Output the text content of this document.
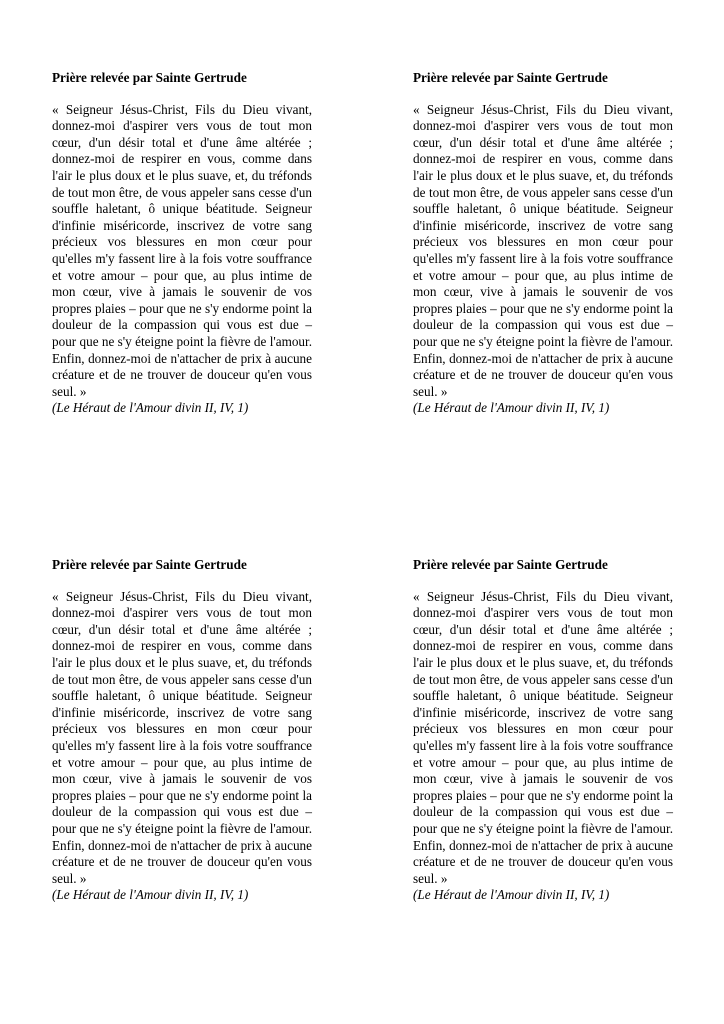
Prière relevée par Sainte Gertrude

« Seigneur Jésus-Christ, Fils du Dieu vivant, donnez-moi d'aspirer vers vous de tout mon cœur, d'un désir total et d'une âme altérée ; donnez-moi de respirer en vous, comme dans l'air le plus doux et le plus suave, et, du tréfonds de tout mon être, de vous appeler sans cesse d'un souffle haletant, ô unique béatitude. Seigneur d'infinie miséricorde, inscrivez de votre sang précieux vos blessures en mon cœur pour qu'elles m'y fassent lire à la fois votre souffrance et votre amour – pour que, au plus intime de mon cœur, vive à jamais le souvenir de vos propres plaies – pour que ne s'y endorme point la douleur de la compassion qui vous est due – pour que ne s'y éteigne point la fièvre de l'amour. Enfin, donnez-moi de n'attacher de prix à aucune créature et de ne trouver de douceur qu'en vous seul. »

(Le Héraut de l'Amour divin II, IV, 1)

Prière relevée par Sainte Gertrude

« Seigneur Jésus-Christ, Fils du Dieu vivant, donnez-moi d'aspirer vers vous de tout mon cœur, d'un désir total et d'une âme altérée ; donnez-moi de respirer en vous, comme dans l'air le plus doux et le plus suave, et, du tréfonds de tout mon être, de vous appeler sans cesse d'un souffle haletant, ô unique béatitude. Seigneur d'infinie miséricorde, inscrivez de votre sang précieux vos blessures en mon cœur pour qu'elles m'y fassent lire à la fois votre souffrance et votre amour – pour que, au plus intime de mon cœur, vive à jamais le souvenir de vos propres plaies – pour que ne s'y endorme point la douleur de la compassion qui vous est due – pour que ne s'y éteigne point la fièvre de l'amour. Enfin, donnez-moi de n'attacher de prix à aucune créature et de ne trouver de douceur qu'en vous seul. »

(Le Héraut de l'Amour divin II, IV, 1)

Prière relevée par Sainte Gertrude

« Seigneur Jésus-Christ, Fils du Dieu vivant, donnez-moi d'aspirer vers vous de tout mon cœur, d'un désir total et d'une âme altérée ; donnez-moi de respirer en vous, comme dans l'air le plus doux et le plus suave, et, du tréfonds de tout mon être, de vous appeler sans cesse d'un souffle haletant, ô unique béatitude. Seigneur d'infinie miséricorde, inscrivez de votre sang précieux vos blessures en mon cœur pour qu'elles m'y fassent lire à la fois votre souffrance et votre amour – pour que, au plus intime de mon cœur, vive à jamais le souvenir de vos propres plaies – pour que ne s'y endorme point la douleur de la compassion qui vous est due – pour que ne s'y éteigne point la fièvre de l'amour. Enfin, donnez-moi de n'attacher de prix à aucune créature et de ne trouver de douceur qu'en vous seul. »

(Le Héraut de l'Amour divin II, IV, 1)

Prière relevée par Sainte Gertrude

« Seigneur Jésus-Christ, Fils du Dieu vivant, donnez-moi d'aspirer vers vous de tout mon cœur, d'un désir total et d'une âme altérée ; donnez-moi de respirer en vous, comme dans l'air le plus doux et le plus suave, et, du tréfonds de tout mon être, de vous appeler sans cesse d'un souffle haletant, ô unique béatitude. Seigneur d'infinie miséricorde, inscrivez de votre sang précieux vos blessures en mon cœur pour qu'elles m'y fassent lire à la fois votre souffrance et votre amour – pour que, au plus intime de mon cœur, vive à jamais le souvenir de vos propres plaies – pour que ne s'y endorme point la douleur de la compassion qui vous est due – pour que ne s'y éteigne point la fièvre de l'amour. Enfin, donnez-moi de n'attacher de prix à aucune créature et de ne trouver de douceur qu'en vous seul. »

(Le Héraut de l'Amour divin II, IV, 1)
